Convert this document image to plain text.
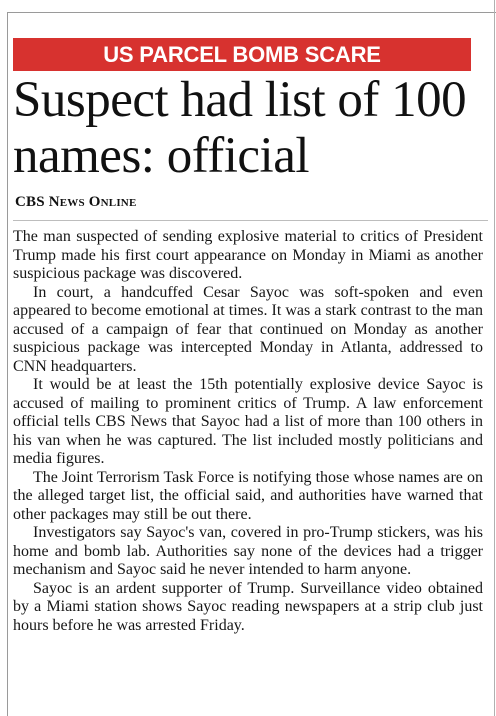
US PARCEL BOMB SCARE
Suspect had list of 100 names: official
CBS News Online

The man suspected of sending explosive material to critics of President Trump made his first court appearance on Monday in Miami as another suspicious package was discovered.

In court, a handcuffed Cesar Sayoc was soft-spoken and even appeared to become emotional at times. It was a stark contrast to the man accused of a campaign of fear that continued on Monday as another suspicious package was intercepted Monday in Atlanta, addressed to CNN headquarters.

It would be at least the 15th potentially explosive device Sayoc is accused of mailing to prominent critics of Trump. A law enforcement official tells CBS News that Sayoc had a list of more than 100 others in his van when he was captured. The list included mostly politicians and media figures.

The Joint Terrorism Task Force is notifying those whose names are on the alleged target list, the official said, and authorities have warned that other packages may still be out there.

Investigators say Sayoc's van, covered in pro-Trump stickers, was his home and bomb lab. Authorities say none of the devices had a trigger mechanism and Sayoc said he never intended to harm anyone.

Sayoc is an ardent supporter of Trump. Surveillance video obtained by a Miami station shows Sayoc reading newspapers at a strip club just hours before he was arrested Friday.
